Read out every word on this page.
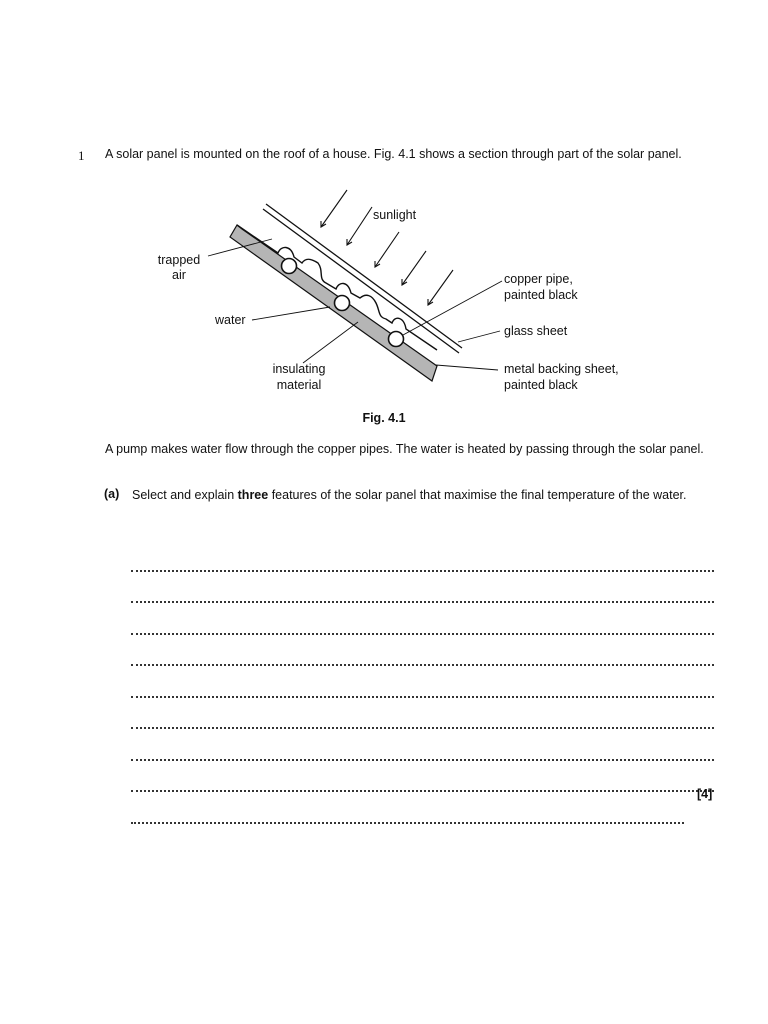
1 A solar panel is mounted on the roof of a house. Fig. 4.1 shows a section through part of the solar panel.

sunlight
trapped
air
water
insulating
material
copper pipe,
painted black
glass sheet
metal backing sheet,
painted black
Fig. 4.1

A pump makes water flow through the copper pipes. The water is heated by passing through the solar panel.

(a) Select and explain three features of the solar panel that maximise the final temperature of the water.

[4]
